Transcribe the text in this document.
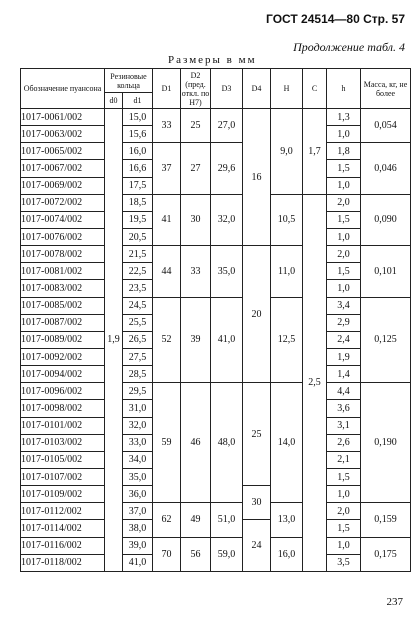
ГОСТ 24514—80 Стр. 57
Продолжение табл. 4
Размеры в мм
Обозначение пуансона	Резиновые кольца		D1	D2 (пред. откл. по Н7)	D3	D4	H	C	h	Масса, кг, не более
	d0	d1								
1017-0061/002	1,9	15,0	33	25	27,0	16	9,0	1,7	1,3	0,054
1017-0063/002		15,6							1,0	
1017-0065/002		16,0	37	27	29,6				1,8	0,046
1017-0067/002		16,6							1,5	
1017-0069/002		17,5							1,0	
1017-0072/002		18,5	41	30	32,0		10,5	2,5	2,0	0,090
1017-0074/002		19,5							1,5	
1017-0076/002		20,5							1,0	
1017-0078/002		21,5	44	33	35,0	20	11,0		2,0	0,101
1017-0081/002		22,5							1,5	
1017-0083/002		23,5							1,0	
1017-0085/002		24,5	52	39	41,0		12,5		3,4	0,125
1017-0087/002		25,5							2,9	
1017-0089/002		26,5							2,4	
1017-0092/002		27,5							1,9	
1017-0094/002		28,5							1,4	
1017-0096/002		29,5	59	46	48,0	25	14,0		4,4	0,190
1017-0098/002		31,0							3,6	
1017-0101/002		32,0							3,1	
1017-0103/002		33,0							2,6	
1017-0105/002		34,0							2,1	
1017-0107/002		35,0							1,5	
1017-0109/002		36,0				30			1,0	
1017-0112/002		37,0	62	49	51,0		13,0		2,0	0,159
1017-0114/002		38,0				24			1,5	
1017-0116/002		39,0	70	56	59,0		16,0		1,0	0,175
1017-0118/002		41,0							3,5	
237
